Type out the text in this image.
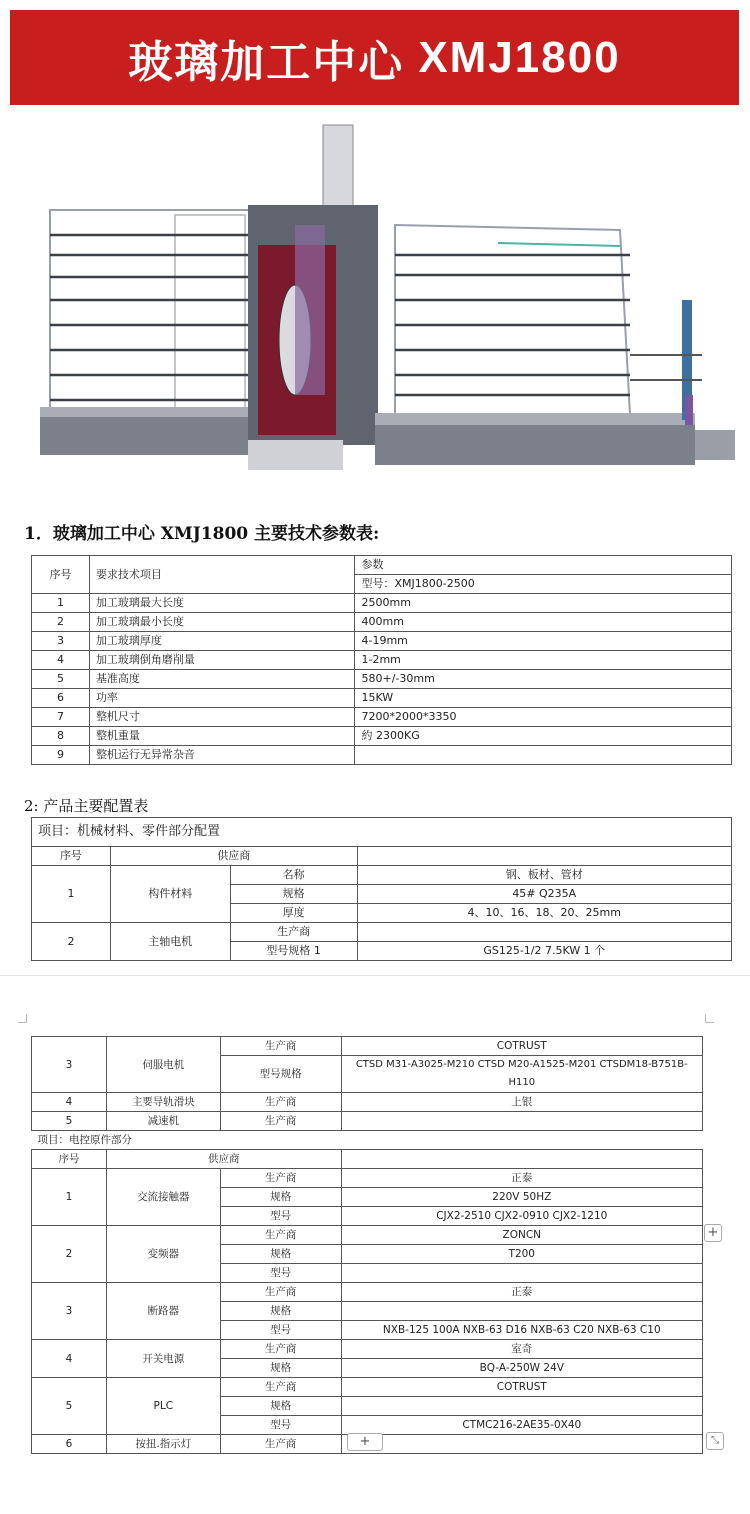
玻璃加工中心 XMJ1800
1．玻璃加工中心 XMJ1800 主要技术参数表:
序号	要求技术项目	参数
		型号：XMJ1800-2500
1	加工玻璃最大长度	2500mm
2	加工玻璃最小长度	400mm
3	加工玻璃厚度	4-19mm
4	加工玻璃倒角磨削量	1-2mm
5	基准高度	580+/-30mm
6	功率	15KW
7	整机尺寸	7200*2000*3350
8	整机重量	約 2300KG
9	整机运行无异常杂音	
2: 产品主要配置表
项目：机械材料、零件部分配置			
序号	供应商		
1	构件材料	名称	钢、板材、管材
		规格	45# Q235A
		厚度	4、10、16、18、20、25mm
2	主轴电机	生产商	
		型号规格 1	GS125-1/2 7.5KW 1 个
3	伺服电机	生产商	COTRUST
		型号规格	CTSD M31-A3025-M210 CTSD M20-A1525-M201 CTSDM18-B751B-H110
4	主要导轨滑块	生产商	上银
5	减速机	生产商	
项目：电控原件部分			
序号	供应商		
1	交流接触器	生产商	正泰
		规格	220V 50HZ
		型号	CJX2-2510 CJX2-0910 CJX2-1210
2	变频器	生产商	ZONCN
		规格	T200
		型号	
3	断路器	生产商	正泰
		规格	
		型号	NXB-125 100A NXB-63 D16 NXB-63 C20 NXB-63 C10
4	开关电源	生产商	室奇
		规格	BQ-A-250W 24V
5	PLC	生产商	COTRUST
		规格	
		型号	CTMC216-2AE35-0X40
6	按扭.指示灯	生产商	
+
+	⤡
